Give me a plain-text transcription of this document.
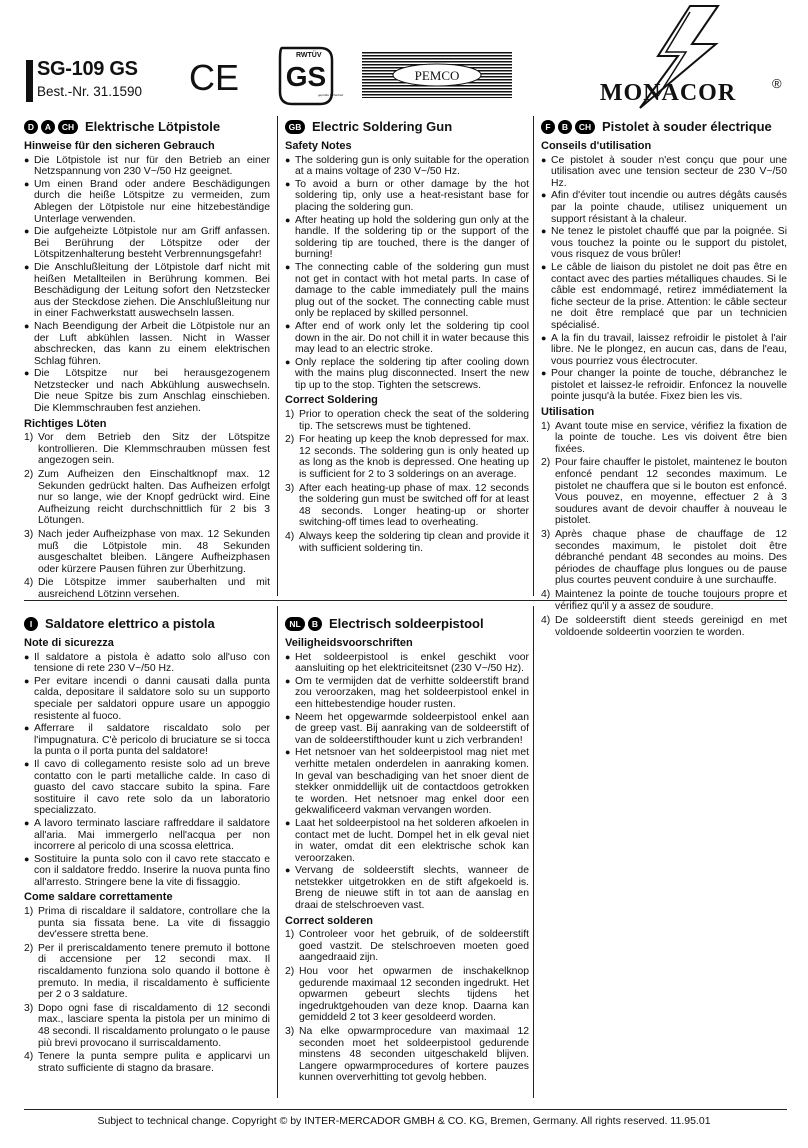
SG-109 GS
Best.-Nr. 31.1590 CE
RWTÜV
GS
geprüfte Sicherheit
PEMCO
MONACOR	®
D	A	CH Elektrische Lötpistole
Hinweise für den sicheren Gebrauch
● Die Lötpistole ist nur für den Betrieb an einer Netzspannung von 230 V~/50 Hz geeignet.
● Um einen Brand oder andere Beschädigungen durch die heiße Lötspitze zu vermeiden, zum Ablegen der Lötpistole nur eine hitzebeständige Unterlage verwenden.
● Die aufgeheizte Lötpistole nur am Griff anfassen. Bei Berührung der Lötspitze oder der Lötspitzenhalterung besteht Verbrennungsgefahr!
● Die Anschlußleitung der Lötpistole darf nicht mit heißen Metallteilen in Berührung kommen. Bei Beschädigung der Leitung sofort den Netzstecker aus der Steckdose ziehen. Die Anschlußleitung nur in einer Fachwerkstatt auswechseln lassen.
● Nach Beendigung der Arbeit die Lötpistole nur an der Luft abkühlen lassen. Nicht in Wasser abschrecken, das kann zu einem elektrischen Schlag führen.
● Die Lötspitze nur bei herausgezogenem Netzstecker und nach Abkühlung auswechseln. Die neue Spitze bis zum Anschlag einschieben. Die Klemmschrauben fest anziehen.
Richtiges Löten
1) Vor dem Betrieb den Sitz der Lötspitze kontrollieren. Die Klemmschrauben müssen fest angezogen sein.
2) Zum Aufheizen den Einschaltknopf max. 12 Sekunden gedrückt halten. Das Aufheizen erfolgt nur so lange, wie der Knopf gedrückt wird. Eine Aufheizung reicht durchschnittlich für 2 bis 3 Lötungen.
3) Nach jeder Aufheizphase von max. 12 Sekunden muß die Lötpistole min. 48 Sekunden ausgeschaltet bleiben. Längere Aufheizphasen oder kürzere Pausen führen zur Überhitzung.
4) Die Lötspitze immer sauberhalten und mit ausreichend Lötzinn versehen.
GB Electric Soldering Gun
Safety Notes
● The soldering gun is only suitable for the operation at a mains voltage of 230 V~/50 Hz.
● To avoid a burn or other damage by the hot soldering tip, only use a heat-resistant base for placing the soldering gun.
● After heating up hold the soldering gun only at the handle. If the soldering tip or the support of the soldering tip are touched, there is the danger of burning!
● The connecting cable of the soldering gun must not get in contact with hot metal parts. In case of damage to the cable immediately pull the mains plug out of the socket. The connecting cable must only be replaced by skilled personnel.
● After end of work only let the soldering tip cool down in the air. Do not chill it in water because this may lead to an electric stroke.
● Only replace the soldering tip after cooling down with the mains plug disconnected. Insert the new tip up to the stop. Tighten the setscrews.
Correct Soldering
1) Prior to operation check the seat of the soldering tip. The setscrews must be tightened.
2) For heating up keep the knob depressed for max. 12 seconds. The soldering gun is only heated up as long as the knob is depressed. One heating up is sufficient for 2 to 3 solderings on an average.
3) After each heating-up phase of max. 12 seconds the soldering gun must be switched off for at least 48 seconds. Longer heating-up or shorter switching-off times lead to overheating.
4) Always keep the soldering tip clean and provide it with sufficient soldering tin.
F	B	CH Pistolet à souder électrique
Conseils d'utilisation
● Ce pistolet à souder n'est conçu que pour une utilisation avec une tension secteur de 230 V~/50 Hz.
● Afin d'éviter tout incendie ou autres dégâts causés par la pointe chaude, utilisez uniquement un support résistant à la chaleur.
● Ne tenez le pistolet chauffé que par la poignée. Si vous touchez la pointe ou le support du pistolet, vous risquez de vous brûler!
● Le câble de liaison du pistolet ne doit pas être en contact avec des parties métalliques chaudes. Si le câble est endommagé, retirez immédiatement la fiche secteur de la prise. Attention: le câble secteur ne doit être remplacé que par un technicien spécialisé.
● A la fin du travail, laissez refroidir le pistolet à l'air libre. Ne le plongez, en aucun cas, dans de l'eau, vous pourriez vous électrocuter.
● Pour changer la pointe de touche, débranchez le pistolet et laissez-le refroidir. Enfoncez la nouvelle pointe jusqu'à la butée. Fixez bien les vis.
Utilisation
1) Avant toute mise en service, vérifiez la fixation de la pointe de touche. Les vis doivent être bien fixées.
2) Pour faire chauffer le pistolet, maintenez le bouton enfoncé pendant 12 secondes maximum. Le pistolet ne chauffera que si le bouton est enfoncé. Vous pouvez, en moyenne, effectuer 2 à 3 soudures avant de devoir chauffer à nouveau le pistolet.
3) Après chaque phase de chauffage de 12 secondes maximum, le pistolet doit être débranché pendant 48 secondes au moins. Des périodes de chauffage plus longues ou de pause plus courtes peuvent conduire à une surchauffe.
4) Maintenez la pointe de touche toujours propre et vérifiez qu'il y a assez de soudure.
I Saldatore elettrico a pistola
Note di sicurezza
● Il saldatore a pistola è adatto solo all'uso con tensione di rete 230 V~/50 Hz.
● Per evitare incendi o danni causati dalla punta calda, depositare il saldatore solo su un supporto speciale per saldatori oppure usare un appoggio resistente al fuoco.
● Afferrare il saldatore riscaldato solo per l'impugnatura. C'è pericolo di bruciature se si tocca la punta o il porta punta del saldatore!
● Il cavo di collegamento resiste solo ad un breve contatto con le parti metalliche calde. In caso di guasto del cavo staccare subito la spina. Fare sostituire il cavo rete solo da un laboratorio specializzato.
● A lavoro terminato lasciare raffreddare il saldatore all'aria. Mai immergerlo nell'acqua per non incorrere al pericolo di una scossa elettrica.
● Sostituire la punta solo con il cavo rete staccato e con il saldatore freddo. Inserire la nuova punta fino all'arresto. Stringere bene la vite di fissaggio.
Come saldare correttamente
1) Prima di riscaldare il saldatore, controllare che la punta sia fissata bene. La vite di fissaggio dev'essere stretta bene.
2) Per il preriscaldamento tenere premuto il bottone di accensione per 12 secondi max. Il riscaldamento funziona solo quando il bottone è premuto. In media, il riscaldamento è sufficiente per 2 o 3 saldature.
3) Dopo ogni fase di riscaldamento di 12 secondi max., lasciare spenta la pistola per un minimo di 48 secondi. Il riscaldamento prolungato o le pause più brevi provocano il surriscaldamento.
4) Tenere la punta sempre pulita e applicarvi un strato sufficiente di stagno da brasare.
NL	B Electrisch soldeerpistool
Veiligheidsvoorschriften
● Het soldeerpistool is enkel geschikt voor aansluiting op het elektriciteitsnet (230 V~/50 Hz).
● Om te vermijden dat de verhitte soldeerstift brand zou veroorzaken, mag het soldeerpistool enkel in een hittebestendige houder rusten.
● Neem het opgewarmde soldeerpistool enkel aan de greep vast. Bij aanraking van de soldeerstift of van de soldeerstifthouder kunt u zich verbranden!
● Het netsnoer van het soldeerpistool mag niet met verhitte metalen onderdelen in aanraking komen. In geval van beschadiging van het snoer dient de stekker onmiddellijk uit de contactdoos getrokken te worden. Het netsnoer mag enkel door een gekwalificeerd vakman vervangen worden.
● Laat het soldeerpistool na het solderen afkoelen in contact met de lucht. Dompel het in elk geval niet in water, omdat dit een elektrische schok kan veroorzaken.
● Vervang de soldeerstift slechts, wanneer de netstekker uitgetrokken en de stift afgekoeld is. Breng de nieuwe stift in tot aan de aanslag en draai de stelschroeven vast.
Correct solderen
1) Controleer voor het gebruik, of de soldeerstift goed vastzit. De stelschroeven moeten goed aangedraaid zijn.
2) Hou voor het opwarmen de inschakelknop gedurende maximaal 12 seconden ingedrukt. Het opwarmen gebeurt slechts tijdens het ingedruktgehouden van deze knop. Daarna kan gemiddeld 2 tot 3 keer gesoldeerd worden.
3) Na elke opwarmprocedure van maximaal 12 seconden moet het soldeerpistool gedurende minstens 48 seconden uitgeschakeld blijven. Langere opwarmprocedures of kortere pauzes kunnen oververhitting tot gevolg hebben.
4) De soldeerstift dient steeds gereinigd en met voldoende soldeertin voorzien te worden.
Subject to technical change. Copyright © by INTER-MERCADOR GMBH & CO. KG, Bremen, Germany. All rights reserved. 11.95.01
